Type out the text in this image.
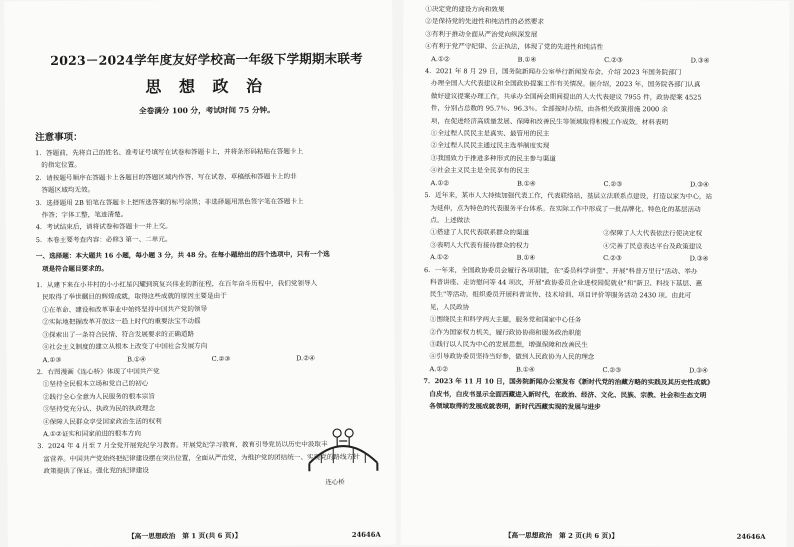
2023－2024学年度友好学校高一年级下学期期末联考

思 想 政 治

全卷满分 100 分，考试时间 75 分钟。

注意事项：

1．答题前，先将自己的姓名、准考证号填写在试卷和答题卡上，并将条形码粘贴在答题卡上

的指定位置。

2．请按题号顺序在答题卡上各题目的答题区域内作答，写在试卷、草稿纸和答题卡上的非

答题区域均无效。

3．选择题用 2B 铅笔在答题卡上把所选答案的标号涂黑；非选择题用黑色签字笔在答题卡上

作答；字体工整，笔迹清楚。

4．考试结束后，请将试卷和答题卡一并上交。

5．本卷主要考查内容：必修3 第一、二单元。

一、选择题：本大题共 16 小题，每小题 3 分，共 48 分。在每小题给出的四个选项中，只有一个选

项是符合题目要求的。

1．从建下来在小井村的小小红星闪耀到筑复兴伟业的新征程，在百年奋斗历程中，我们党领导人

民取得了举世瞩目的辉煌成就，取得这些成就的原因主要是由于

①在革命、建设和改革事业中始终坚持中国共产党的领导

②实际地把握改革开放这一趋上时代的重要法宝不动摇

③探索出了一条符合民情、符合发展要求的正确道路

④社会主义制度的建立从根本上改变了中国社会发展方向

A.①③	B.①④	C.②③	D.②④

2．右图漫画《连心桥》体现了中国共产党

①坚持全民根本立场和党自己的初心

②践行全心全意为人民服务的根本宗旨

③坚持党充分认、执政为民的执政理念

④保障人民群众享受国家政治生活的权利

A.①②证实和国家前进的根本方向

3．2024 年 4 月至 7 月全党开展党纪学习教育。开展党纪学习教育，教育引导党员以历史中汲取丰

富营养。中国共产党始终把纪律建设摆在突出位置，全面从严治党，为维护党的团结统一、实现党的路线方针

政策提供了保证。强化党的纪律建设

连心桥
【高一思想政治　第 1 页(共 6 页)】	24646A

①决定党的建设方向和效果

②是保持党的先进性和纯洁性的必然要求

③有利于推动全面从严治党向纵深发展

④有利于党严守纪律、公正执法，体现了党的先进性和纯洁性

A.①②	B.①④	C.②③	D.③④

4．2021 年 8 月 29 日，国务院新闻办公室举行新闻发布会，介绍 2023 年国务院部门

办理全国人大代表建议和全国政协提案工作有关情况。据介绍，2023 年，国务院各部门认真

做好建议提案办理工作，共承办全国两会期间提出的人大代表建议 7955 件，政协提案 4525

件，分别占总数的 95.7％、96.3％。全部按时办结，由各相关政策措施 2000 余

项，在促进经济高质量发展、保障和改善民生等领域取得积极工作成效。材料表明

①全过程人民民主是真实、最管用的民主

②全过程人民民主通过民主选举制度实现

③我国致力于推进多种形式的民主参与渠道

④社会主义民主是全民享有的民主

A.①②	B.①④	C.②③	D.③④

5．近年来，某市人大持续加强代表工作，代表联络站，基层立法联系点建设，打造以家为中心，站

为延伸，点为特色的代表服务平台体系。在实际工作中形成了一批品牌化、特色化的基层活动

点。上述做法

①搭建了人民代表联系群众的渠道	②保障了人大代表依法行使决定权
③表明人大代表有接待群众的权力	④完善了民意表达平台及政策建议
A.①②	B.①④	C.②③	D.③④

6．一年来，全国政协委员会履行各项职能，在"委员科学讲堂"、开展"科普万里行"活动、举办

科普讲座、走访慰问等 44 项次，开展"政协委员企业进校园促就业"和"新卫、科技下基层、惠

民生"等活动，组织委员开展科普宣传、技术培训、项目评价等服务活动 2430 项。由此可

见，人民政协

①围绕民主和科学两大主题，服务党和国家中心任务

②作为国家权力机关，履行政协协商和服务政治职能

③践行以人民为中心的发展思想，增强保障和改善民生

④引导政协委员坚持当好参，做到人民政协为人民的理念

A.①②	B.①④	C.②③	D.③④

7．2023 年 11 月 10 日，国务院新闻办公室发布《新时代党的治藏方略的实践及其历史性成就》

白皮书，白皮书显示全面西藏进入新时代，在政治、经济、文化、民族、宗教、社会和生态文明

各领域取得的发展成就表明，新时代西藏实现的发展与进步

【高一思想政治　第 2 页(共 6 页)】	24646A
